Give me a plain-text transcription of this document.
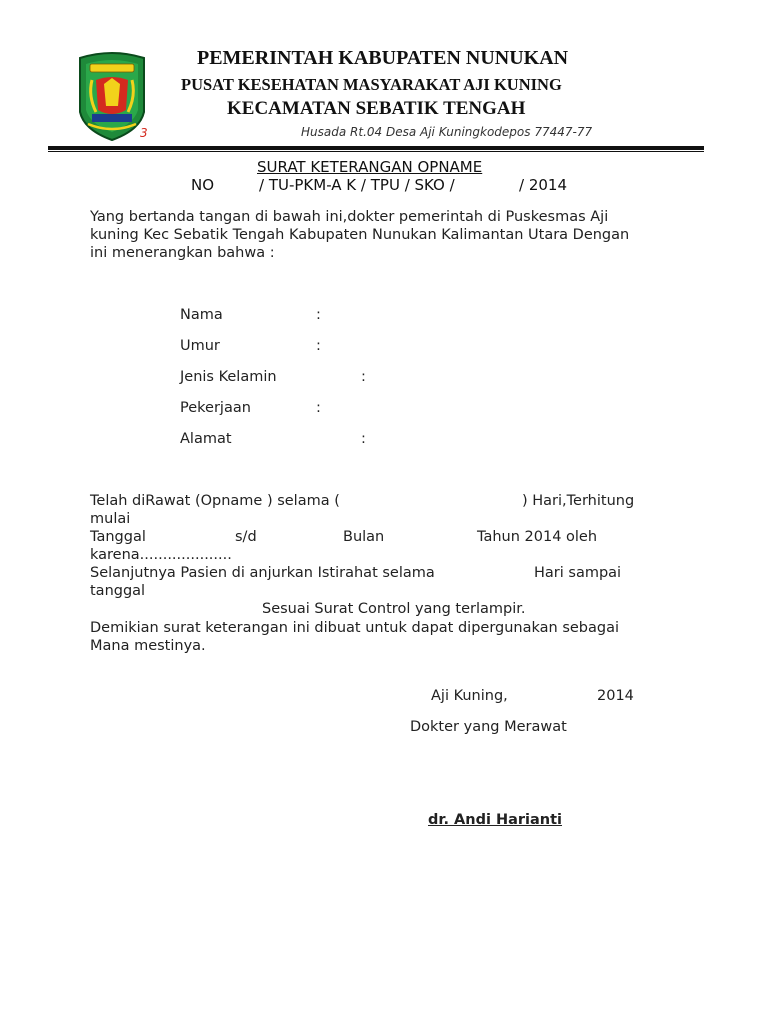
3
PEMERINTAH KABUPATEN NUNUKAN
PUSAT KESEHATAN MASYARAKAT AJI KUNING
KECAMATAN SEBATIK TENGAH
Husada Rt.04 Desa Aji Kuningkodepos 77447-77
SURAT KETERANGAN OPNAME
NO	/ TU-PKM-A K / TPU / SKO /	/ 2014
Yang bertanda tangan di bawah ini,dokter pemerintah di Puskesmas Aji
kuning Kec Sebatik Tengah Kabupaten Nunukan Kalimantan Utara Dengan
ini menerangkan bahwa :
Nama	:
Umur	:
Jenis Kelamin	:
Pekerjaan	:
Alamat	:
Telah diRawat (Opname ) selama (	) Hari,Terhitung
mulai
Tanggal	s/d	Bulan	Tahun 2014 oleh
karena....................
Selanjutnya Pasien di anjurkan Istirahat selama	Hari sampai
tanggal
Sesuai Surat Control yang terlampir.
Demikian surat keterangan ini dibuat untuk dapat dipergunakan sebagai
Mana mestinya.
Aji Kuning,	2014
Dokter yang Merawat
dr. Andi Harianti
